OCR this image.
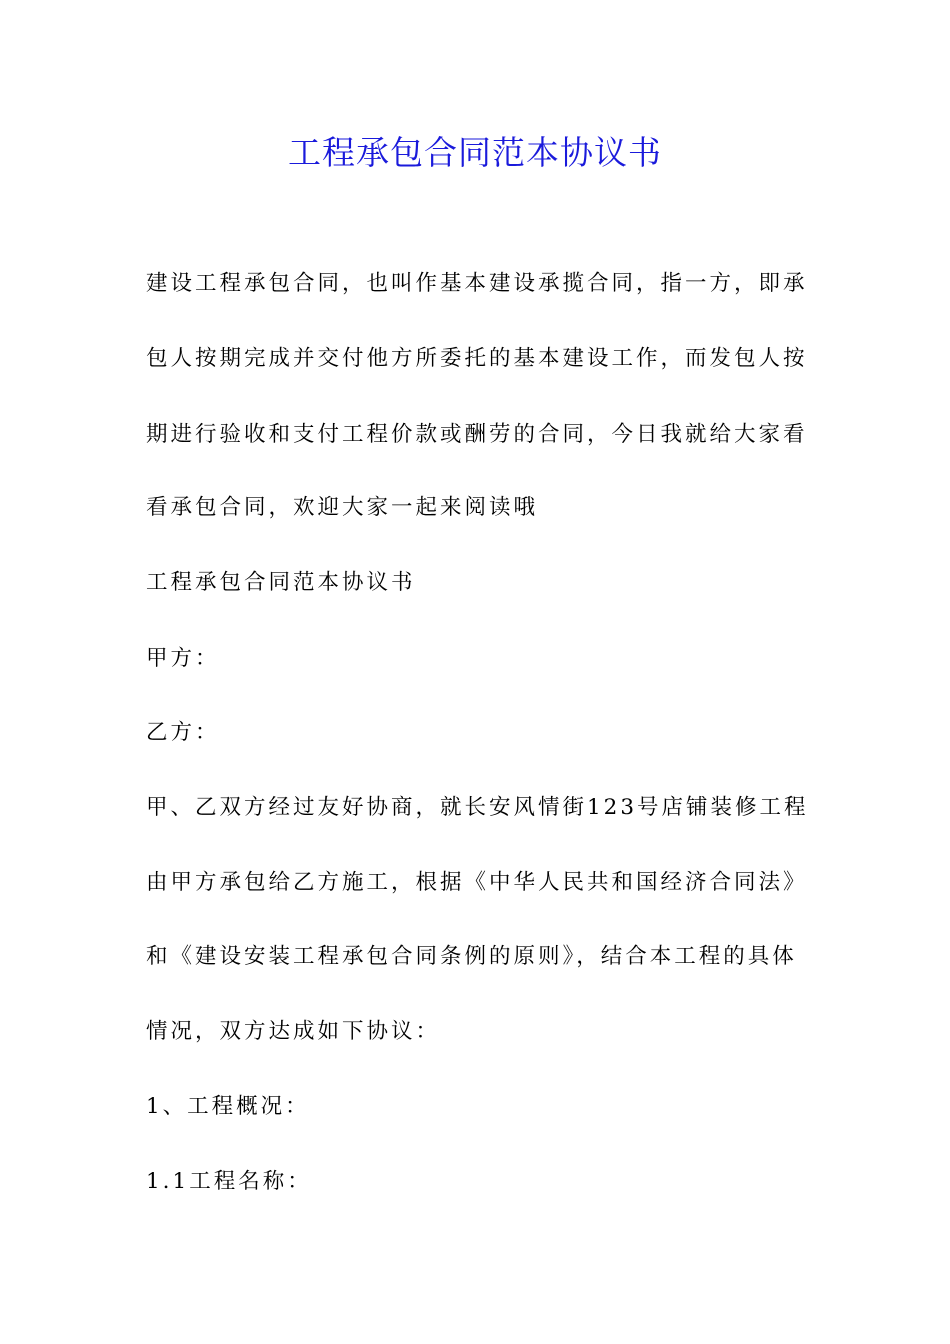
工程承包合同范本协议书

建设工程承包合同，也叫作基本建设承揽合同，指一方，即承

包人按期完成并交付他方所委托的基本建设工作，而发包人按

期进行验收和支付工程价款或酬劳的合同，今日我就给大家看

看承包合同，欢迎大家一起来阅读哦

工程承包合同范本协议书

甲方：

乙方：

甲、乙双方经过友好协商，就长安风情街123号店铺装修工程

由甲方承包给乙方施工，根据《中华人民共和国经济合同法》

和《建设安装工程承包合同条例的原则》，结合本工程的具体

情况，双方达成如下协议：

1、工程概况：

1.1工程名称：
